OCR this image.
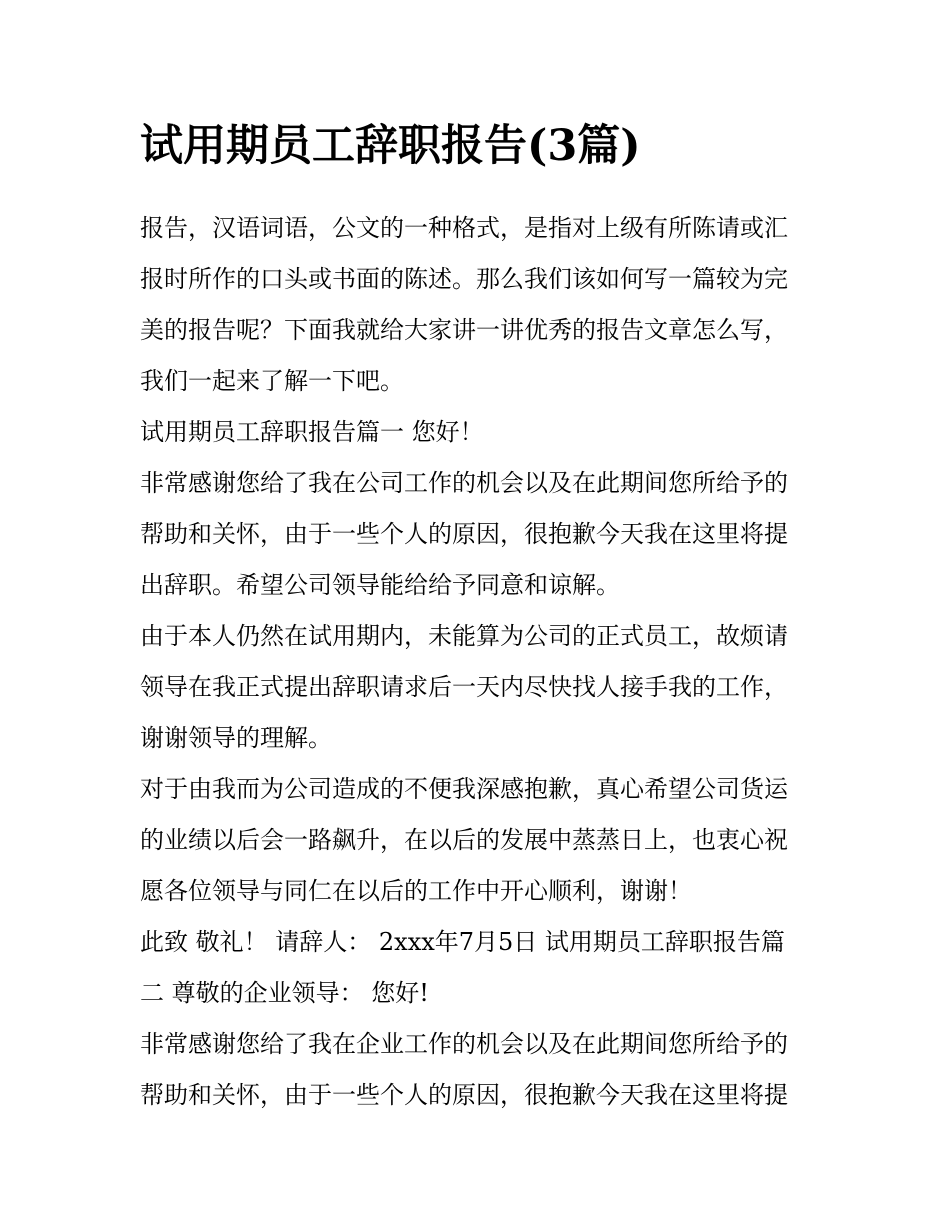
试用期员工辞职报告(3篇)
报告，汉语词语，公文的一种格式，是指对上级有所陈请或汇
报时所作的口头或书面的陈述。那么我们该如何写一篇较为完
美的报告呢？下面我就给大家讲一讲优秀的报告文章怎么写，
我们一起来了解一下吧。
试用期员工辞职报告篇一 您好！
非常感谢您给了我在公司工作的机会以及在此期间您所给予的
帮助和关怀，由于一些个人的原因，很抱歉今天我在这里将提
出辞职。希望公司领导能给给予同意和谅解。
由于本人仍然在试用期内，未能算为公司的正式员工，故烦请
领导在我正式提出辞职请求后一天内尽快找人接手我的工作，
谢谢领导的理解。
对于由我而为公司造成的不便我深感抱歉，真心希望公司货运
的业绩以后会一路飙升，在以后的发展中蒸蒸日上，也衷心祝
愿各位领导与同仁在以后的工作中开心顺利，谢谢！
此致 敬礼！ 请辞人： 2xxx年7月5日 试用期员工辞职报告篇
二 尊敬的企业领导： 您好!
非常感谢您给了我在企业工作的机会以及在此期间您所给予的
帮助和关怀，由于一些个人的原因，很抱歉今天我在这里将提
